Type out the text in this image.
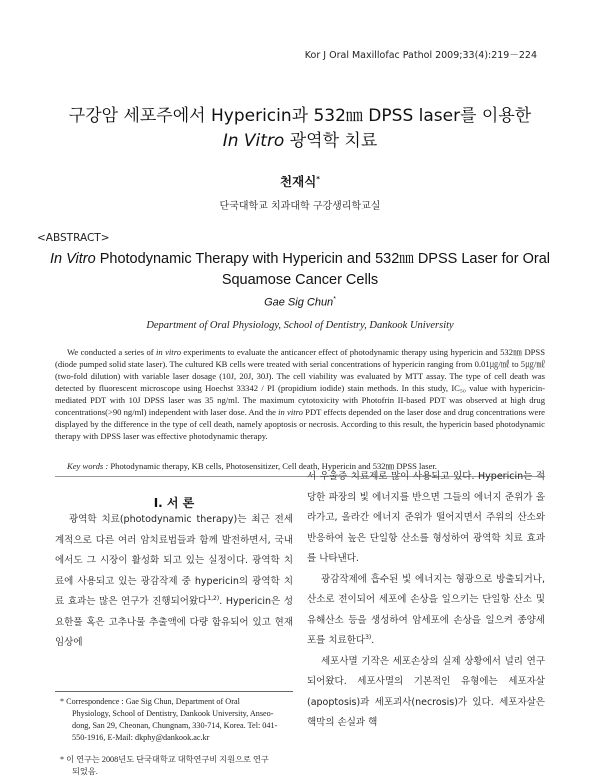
Kor J Oral Maxillofac Pathol 2009;33(4):219－224
구강암 세포주에서 Hypericin과 532㎚ DPSS laser를 이용한
In Vitro 광역학 치료
천재식*
단국대학교 치과대학 구강생리학교실
<ABSTRACT>
In Vitro Photodynamic Therapy with Hypericin and 532㎚ DPSS Laser for Oral Squamose Cancer Cells
Gae Sig Chun*
Department of Oral Physiology, School of Dentistry, Dankook University
We conducted a series of in vitro experiments to evaluate the anticancer effect of photodynamic therapy using hypericin and 532㎚ DPSS (diode pumped solid state laser). The cultured KB cells were treated with serial concentrations of hypericin ranging from 0.01㎍/㎖ to 5㎍/㎖ (two-fold dilution) with variable laser dosage (10J, 20J, 30J). The cell viability was evaluated by MTT assay. The type of cell death was detected by fluorescent microscope using Hoechst 33342 / PI (propidium iodide) stain methods. In this study, IC₅₀ value with hypericin-mediated PDT with 10J DPSS laser was 35 ng/ml. The maximum cytotoxicity with Photofrin II-based PDT was observed at high drug concentrations(>90 ng/ml) independent with laser dose. And the in vitro PDT effects depended on the laser dose and drug concentrations were displayed by the difference in the type of cell death, namely apoptosis or necrosis. According to this result, the hypericin based photodynamic therapy with DPSS laser was effective photodynamic therapy.
Key words : Photodynamic therapy, KB cells, Photosensitizer, Cell death, Hypericin and 532㎚ DPSS laser.
Ⅰ. 서 론

광역학 치료(photodynamic therapy)는 최근 전세계적으로 다른 여러 암치료법들과 함께 발전하면서, 국내에서도 그 시장이 활성화 되고 있는 실정이다. 광역학 치료에 사용되고 있는 광감작제 중 hypericin의 광역학 치료 효과는 많은 연구가 진행되어왔다$^{1,2)}$. Hypericin은 성요한풀 혹은 고추나물 추출액에 다량 함유되어 있고 현재 임상에

서 우울증 치료제로 많이 사용되고 있다. Hypericin는 적당한 파장의 빛 에너지를 반으면 그들의 에너지 준위가 올라가고, 올라간 에너지 준위가 떨어지면서 주위의 산소와 반응하여 높은 단일항 산소를 형성하여 광역학 치료 효과를 나타낸다.

광감작제에 흡수된 빛 에너지는 형광으로 방출되거나, 산소로 전이되어 세포에 손상을 일으키는 단일항 산소 및 유해산소 등을 생성하여 암세포에 손상을 일으켜 종양세포를 치료한다$^{3)}$.

세포사멸 기작은 세포손상의 실제 상황에서 널리 연구되어왔다. 세포사멸의 기본적인 유형에는 세포자살(apoptosis)과 세포괴사(necrosis)가 있다. 세포자살은 핵막의 손실과 핵

* Correspondence : Gae Sig Chun, Department of Oral
Physiology, School of Dentistry, Dankook University, Anseo-dong, San 29, Cheonan, Chungnam, 330-714, Korea. Tel: 041-550-1916, E-Mail: dkphy@dankook.ac.kr
* 이 연구는 2008년도 단국대학교 대학연구비 지원으로 연구
되었음.
